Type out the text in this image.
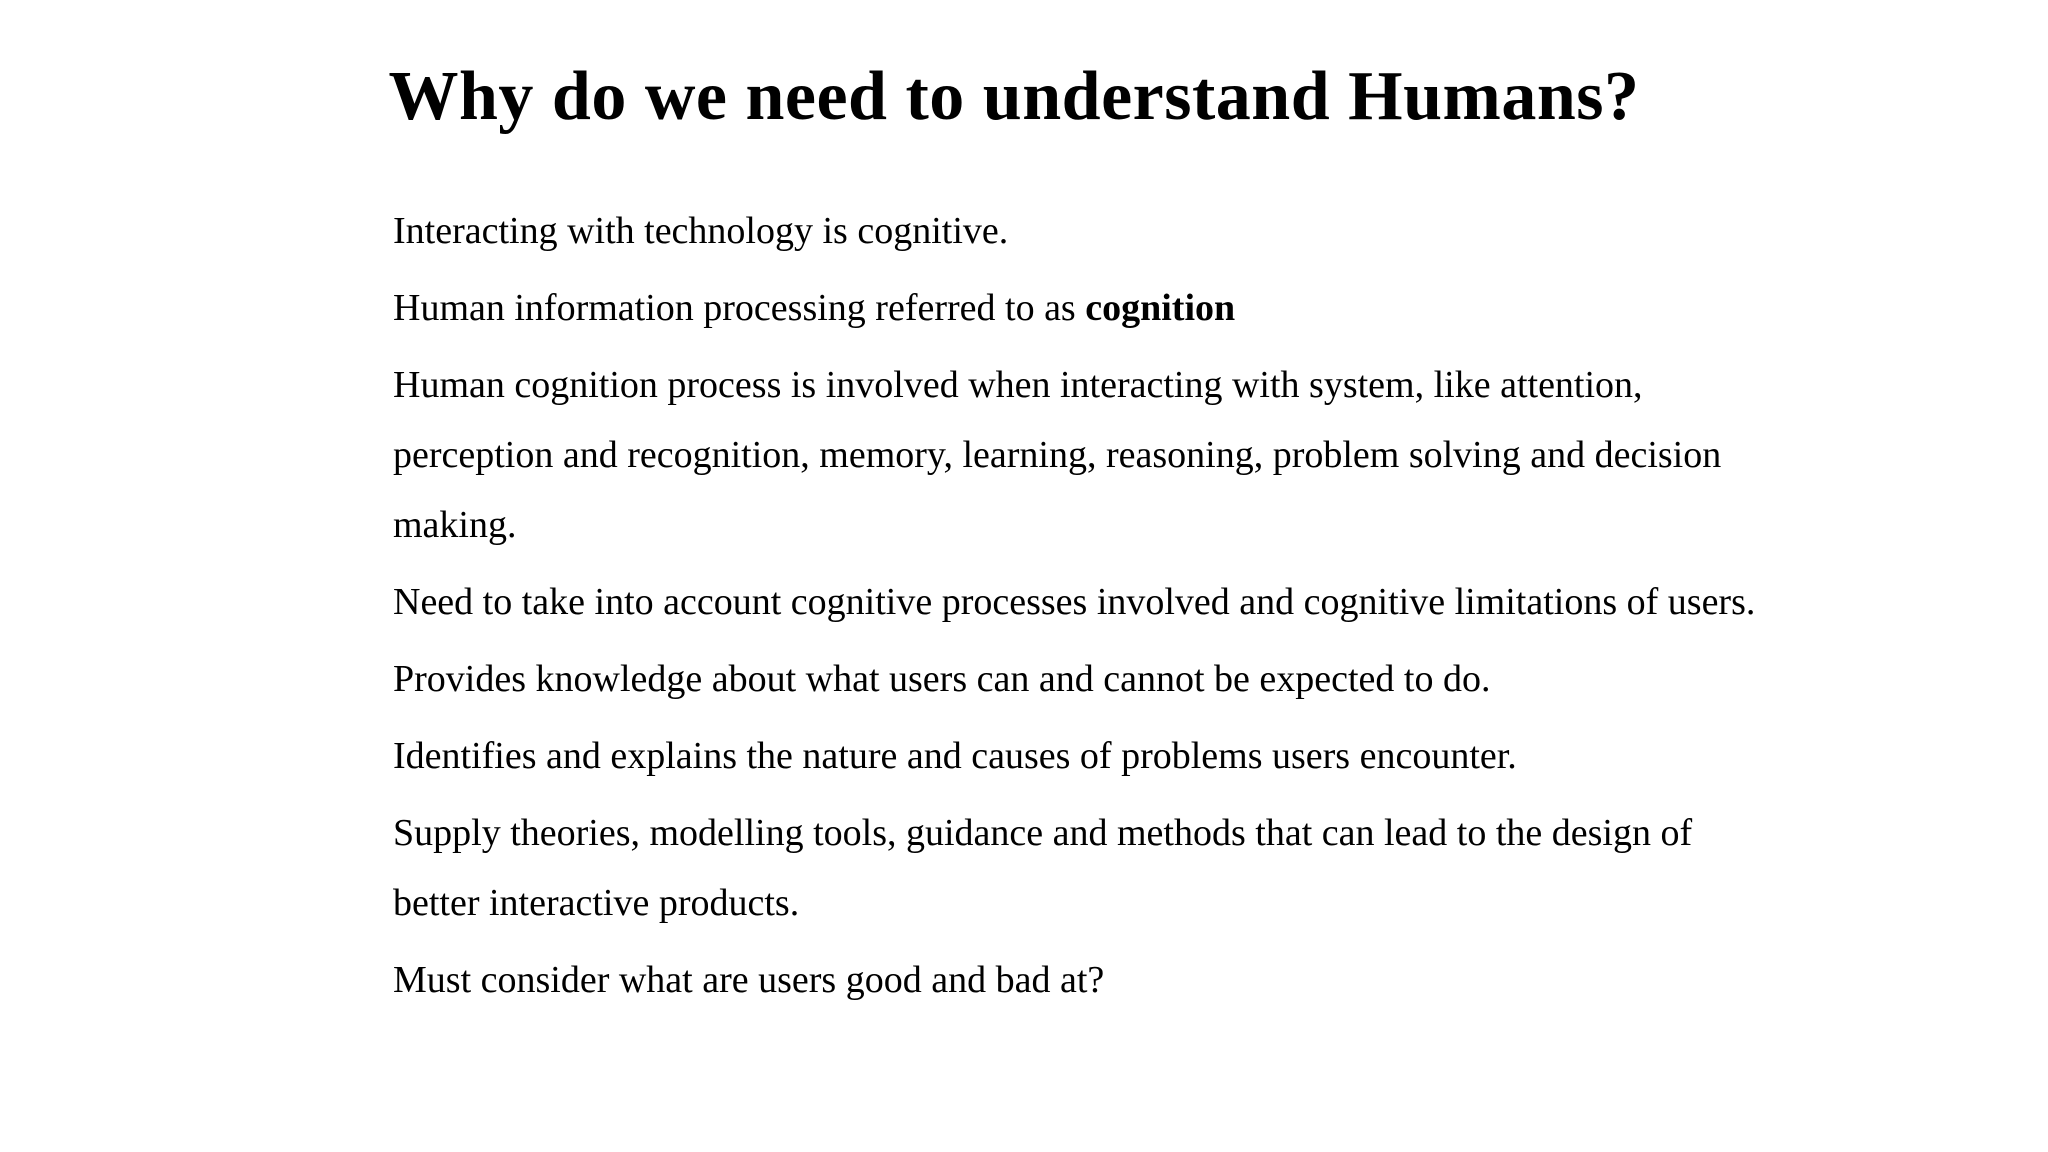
Why do we need to understand Humans?
Interacting with technology is cognitive.
Human information processing referred to as cognition
Human cognition process is involved when interacting with system, like attention, perception and recognition, memory, learning, reasoning, problem solving and decision making.
Need to take into account cognitive processes involved and cognitive limitations of users.
Provides knowledge about what users can and cannot be expected to do.
Identifies and explains the nature and causes of problems users encounter.
Supply theories, modelling tools, guidance and methods that can lead to the design of better interactive products.
Must consider what are users good and bad at?
